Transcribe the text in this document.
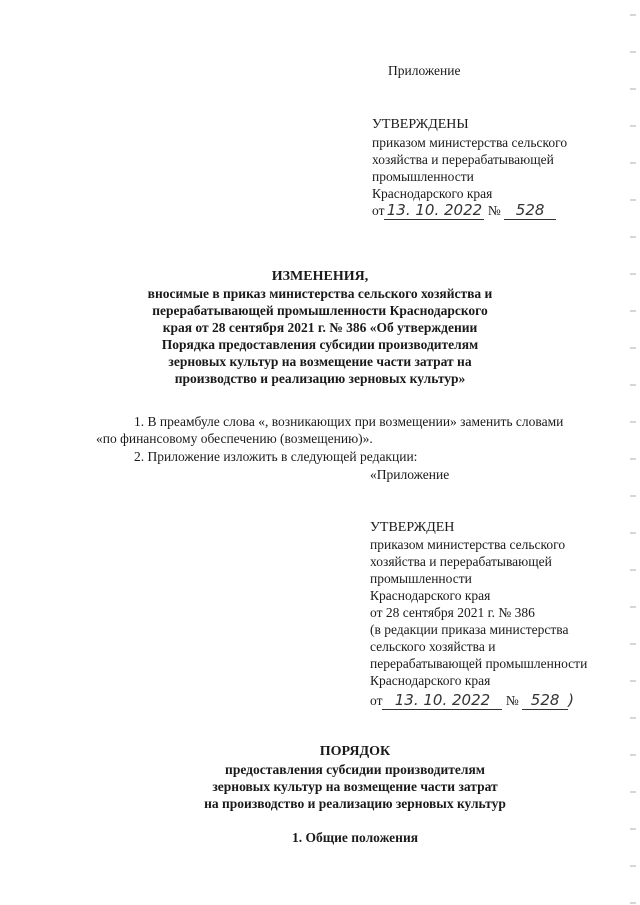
Приложение
УТВЕРЖДЕНЫ
приказом министерства сельского
хозяйства и перерабатывающей
промышленности
Краснодарского края
от 13. 10. 2022 № 528
ИЗМЕНЕНИЯ,
вносимые в приказ министерства сельского хозяйства и
перерабатывающей промышленности Краснодарского
края от 28 сентября 2021 г. № 386 «Об утверждении
Порядка предоставления субсидии производителям
зерновых культур на возмещение части затрат на
производство и реализацию зерновых культур»
1. В преамбуле слова «, возникающих при возмещении» заменить словами
«по финансовому обеспечению (возмещению)».
2. Приложение изложить в следующей редакции:
«Приложение
УТВЕРЖДЕН
приказом министерства сельского
хозяйства и перерабатывающей
промышленности
Краснодарского края
от 28 сентября 2021 г. № 386
(в редакции приказа министерства
сельского хозяйства и
перерабатывающей промышленности
Краснодарского края
от 13. 10. 2022 № 528 )
ПОРЯДОК
предоставления субсидии производителям
зерновых культур на возмещение части затрат
на производство и реализацию зерновых культур
1. Общие положения
